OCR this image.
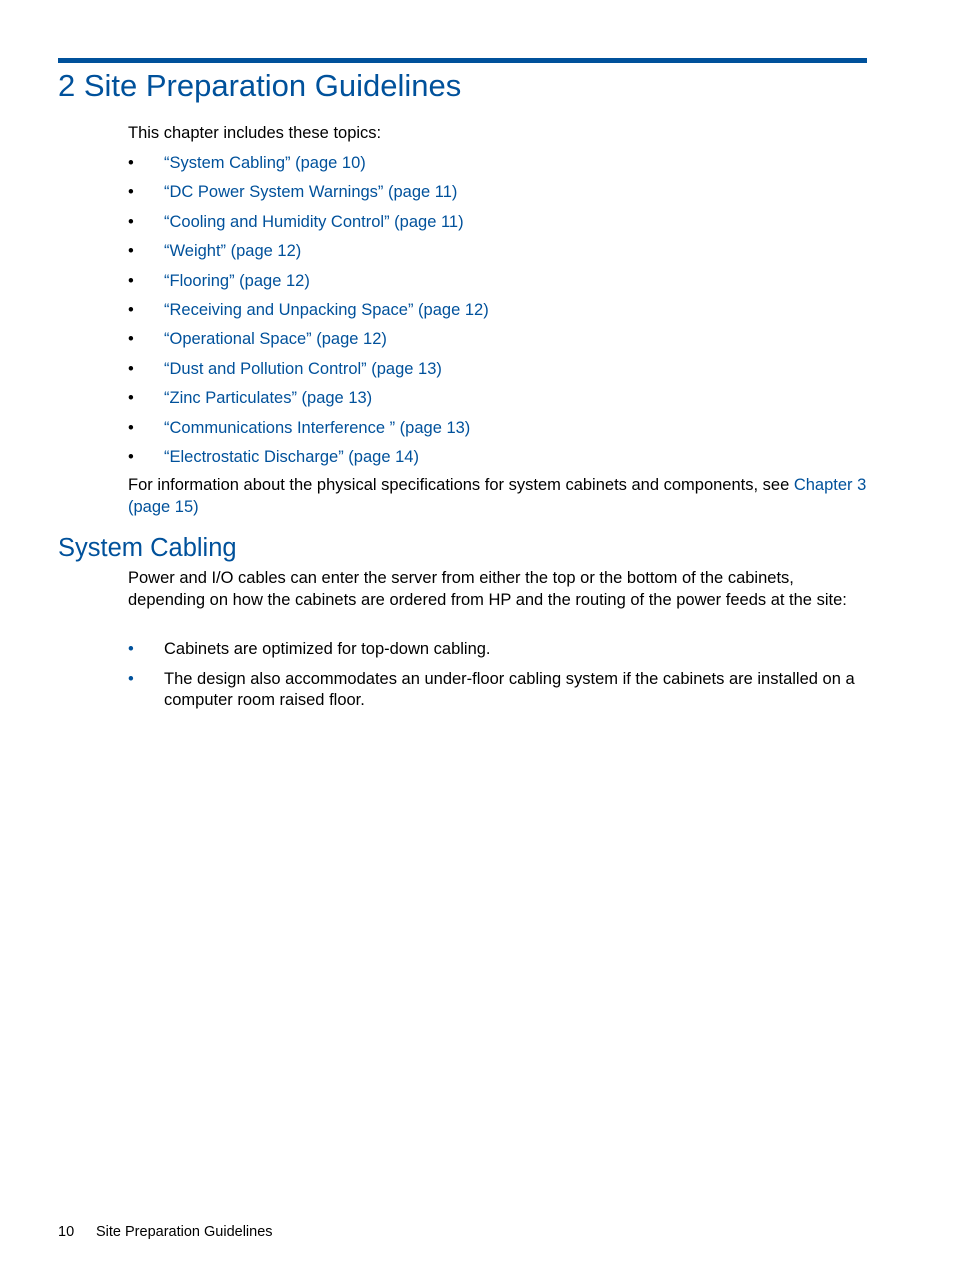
2 Site Preparation Guidelines

This chapter includes these topics:

• “System Cabling” (page 10)
• “DC Power System Warnings” (page 11)
• “Cooling and Humidity Control” (page 11)
• “Weight” (page 12)
• “Flooring” (page 12)
• “Receiving and Unpacking Space” (page 12)
• “Operational Space” (page 12)
• “Dust and Pollution Control” (page 13)
• “Zinc Particulates” (page 13)
• “Communications Interference ” (page 13)
• “Electrostatic Discharge” (page 14)

For information about the physical specifications for system cabinets and components, see Chapter 3 (page 15)

System Cabling

Power and I/O cables can enter the server from either the top or the bottom of the cabinets, depending on how the cabinets are ordered from HP and the routing of the power feeds at the site:

• Cabinets are optimized for top-down cabling.
• The design also accommodates an under-floor cabling system if the cabinets are installed on a computer room raised floor.
10 Site Preparation Guidelines
